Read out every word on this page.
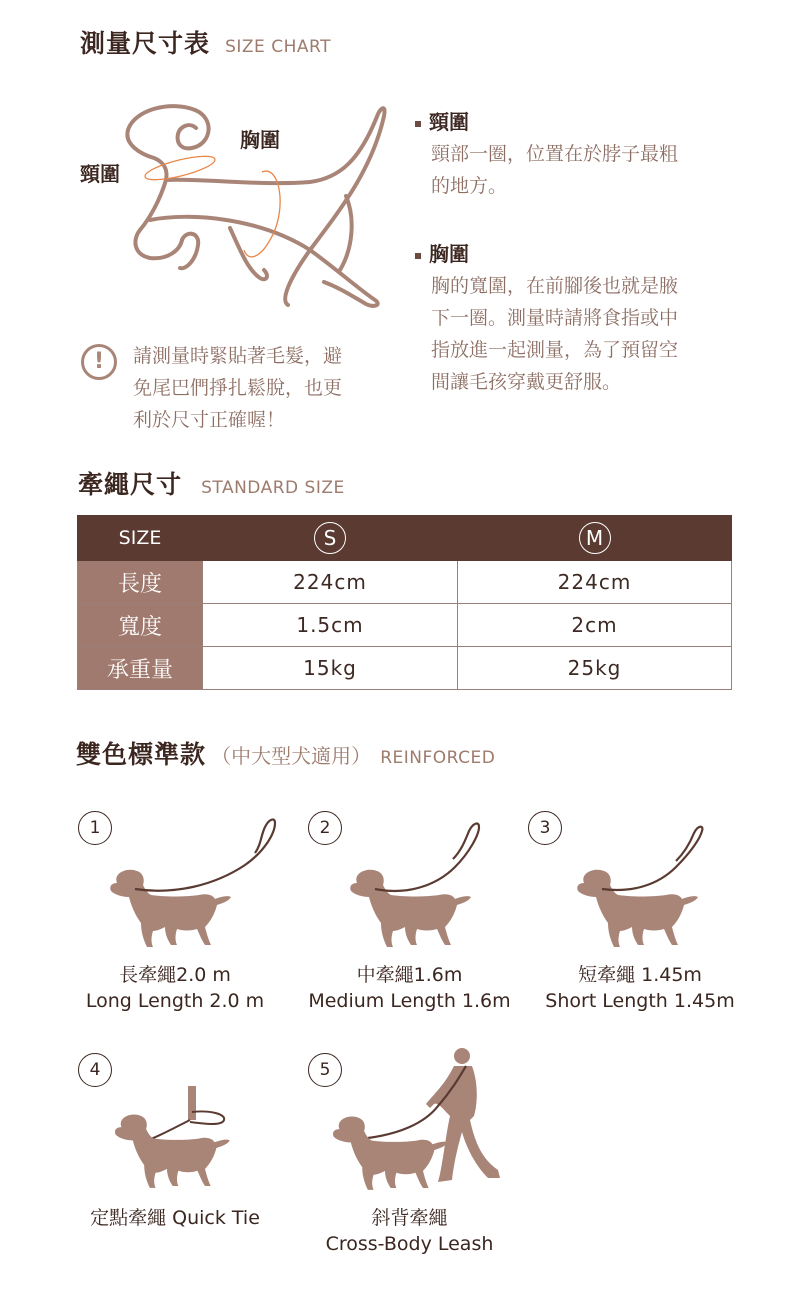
測量尺寸表 SIZE CHART
頸圍
胸圍
頸圍
頸部一圈，位置在於脖子最粗
的地方。
胸圍
胸的寬圍，在前腳後也就是腋
下一圈。測量時請將食指或中
指放進一起測量，為了預留空
間讓毛孩穿戴更舒服。
!	請測量時緊貼著毛髮，避
免尾巴們掙扎鬆脫，也更
利於尺寸正確喔！
牽繩尺寸 STANDARD SIZE
SIZE	S	M
長度	224cm	224cm
寬度	1.5cm	2cm
承重量	15kg	25kg
雙色標準款 （中大型犬適用） REINFORCED
1
長牽繩2.0 m
Long Length 2.0 m
2
中牽繩1.6m
Medium Length 1.6m
3
短牽繩 1.45m
Short Length 1.45m
4
定點牽繩 Quick Tie
5
斜背牽繩
Cross-Body Leash
